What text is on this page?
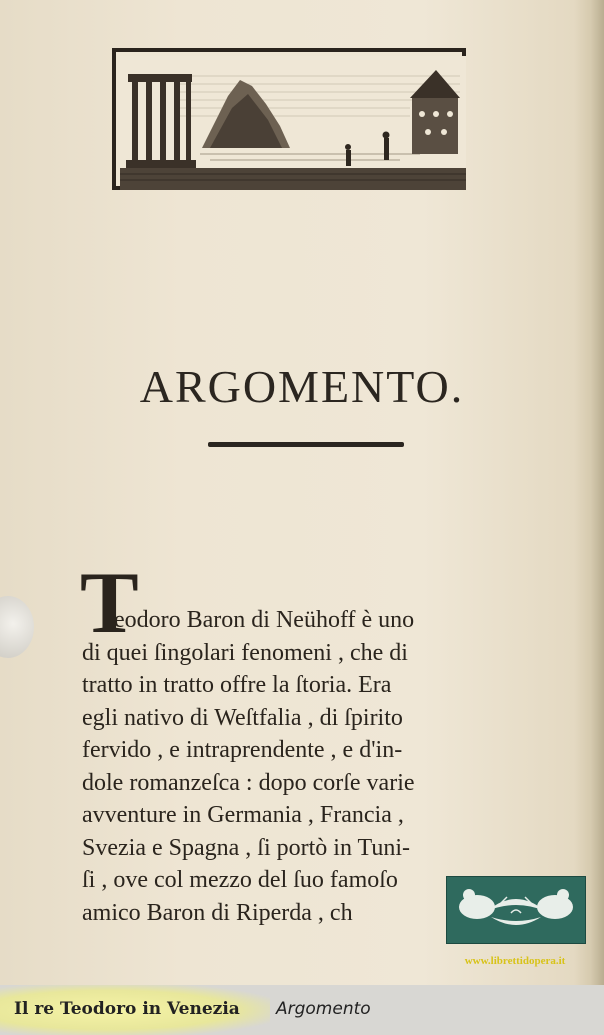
ARGOMENTO.
T
eodoro Baron di Neühoff è uno
di quei ſingolari fenomeni , che di
tratto in tratto offre la ſtoria. Era
egli nativo di Weſtfalia , di ſpirito
fervido , e intraprendente , e d'in-
dole romanzeſca : dopo corſe varie
avventure in Germania , Francia ,
Svezia e Spagna , ſi portò in Tuni-
ſi , ove col mezzo del ſuo famoſo
amico Baron di Riperda , ch
www.librettidopera.it
Il re Teodoro in Venezia Argomento
